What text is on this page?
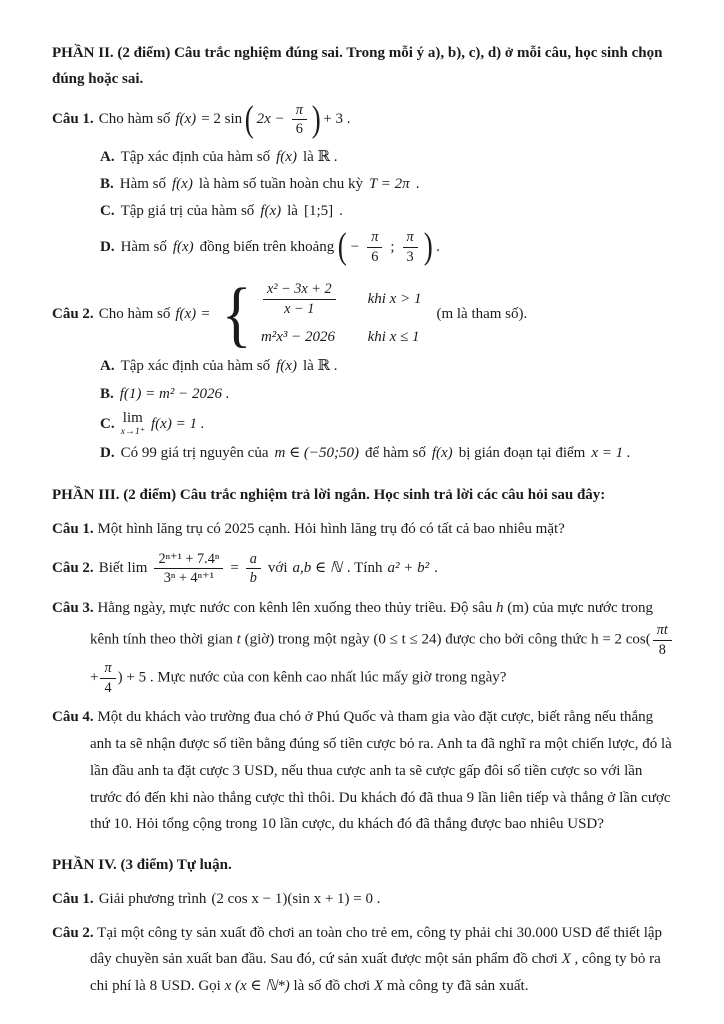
PHẦN II. (2 điểm) Câu trắc nghiệm đúng sai. Trong mỗi ý a), b), c), d) ở mỗi câu, học sinh chọn đúng hoặc sai.

Câu 1. Cho hàm số f(x) = 2 sin ( $2x - \frac{\pi}{6}$ ) + 3 .
A. Tập xác định của hàm số f(x) là ℝ .
B. Hàm số f(x) là hàm số tuần hoàn chu kỳ T = 2π .
C. Tập giá trị của hàm số f(x) là [1;5] .
D. Hàm số f(x) đồng biến trên khoảng ( − $\frac{\pi}{6}$ ; $\frac{\pi}{3}$ ) .
Câu 2. Cho hàm số f(x) = { $\frac{\text{x² − 3x + 2}}{x - 1}$ khi x > 1
m²x³ − 2026 khi x ≤ 1
(m là tham số).
A. Tập xác định của hàm số f(x) là ℝ .
B. f(1) = m² − 2026 .
C. lim
x→1⁺ f(x) = 1 .
D. Có 99 giá trị nguyên của m ∈ (−50;50) để hàm số f(x) bị gián đoạn tại điểm x = 1 .

PHẦN III. (2 điểm) Câu trắc nghiệm trả lời ngắn. Học sinh trả lời các câu hỏi sau đây:

Câu 1. Một hình lăng trụ có 2025 cạnh. Hỏi hình lăng trụ đó có tất cả bao nhiêu mặt?

Câu 2. Biết $\lim \frac{\text{2ⁿ⁺¹ + 7.4ⁿ}}{\text{3ⁿ + 4ⁿ⁺¹}} = \frac{a}{b}$ với a,b ∈ ℕ . Tính a² + b² .

Câu 3. Hằng ngày, mực nước con kênh lên xuống theo thủy triều. Độ sâu h (m) của mực nước trong kênh tính theo thời gian t (giờ) trong một ngày (0 ≤ t ≤ 24) được cho bởi công thức h = 2 $\cos( \frac{\pi t}{8}$
+ $\frac{\pi}{4}$ ) + 5 . Mực nước của con kênh cao nhất lúc mấy giờ trong ngày?

Câu 4. Một du khách vào trường đua chó ở Phú Quốc và tham gia vào đặt cược, biết rằng nếu thắng anh ta sẽ nhận được số tiền bằng đúng số tiền cược bỏ ra. Anh ta đã nghĩ ra một chiến lược, đó là lần đầu anh ta đặt cược 3 USD, nếu thua cược anh ta sẽ cược gấp đôi số tiền cược so với lần trước đó đến khi nào thắng cược thì thôi. Du khách đó đã thua 9 lần liên tiếp và thắng ở lần cược thứ 10. Hỏi tổng cộng trong 10 lần cược, du khách đó đã thắng được bao nhiêu USD?

PHẦN IV. (3 điểm) Tự luận.

Câu 1. Giải phương trình (2 cos x − 1)(sin x + 1) = 0 .

Câu 2. Tại một công ty sản xuất đồ chơi an toàn cho trẻ em, công ty phải chi 30.000 USD để thiết lập dây chuyền sản xuất ban đầu. Sau đó, cứ sản xuất được một sản phẩm đồ chơi X , công ty bỏ ra chi phí là 8 USD. Gọi x (x ∈ ℕ*) là số đồ chơi X mà công ty đã sản xuất.
